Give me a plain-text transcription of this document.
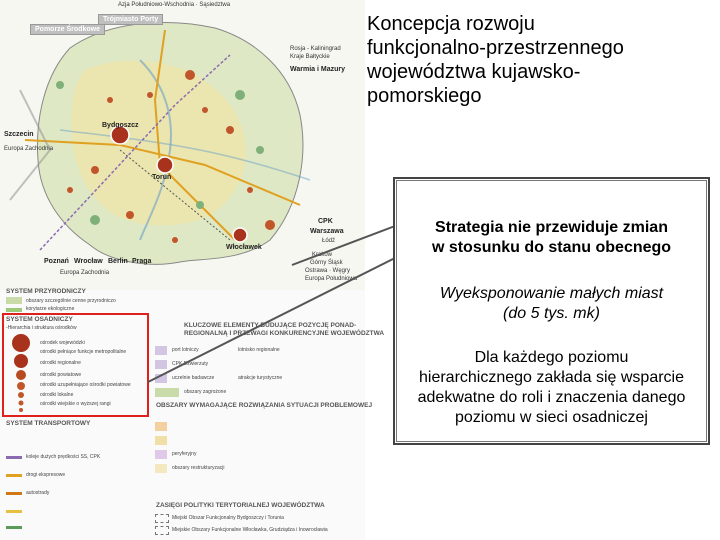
Azja Południowo-Wschodnia · Sąsiedztwa
Trójmiasto Porty
Pomorze Środkowe
Rosja - Kaliningrad
Kraje Bałtyckie
Warmia i Mazury
Szczecin
Europa Zachodnia
CPK
Warszawa
Łódź
Kraków
Górny Śląsk
Ostrawa · Węgry
Europa Południowa
Poznań Wrocław Berlin Praga
Europa Zachodnia
Bydgoszcz
Toruń
Włocławek
SYSTEM PRZYRODNICZY
obszary szczególnie cenne przyrodniczo
korytarze ekologiczne
SYSTEM OSADNICZY
-Hierarchia i struktura ośrodków
ośrodek wojewódzki
ośrodki pełniące funkcje metropolitalne
ośrodki regionalne
ośrodki powiatowe
ośrodki uzupełniające ośrodki powiatowe
ośrodki lokalne
ośrodki wiejskie o wyższej rangi
SYSTEM TRANSPORTOWY
koleje dużych prędkości SS, CPK
drogi ekspresowe
autostrady
KLUCZOWE ELEMENTY BUDUJĄCE POZYCJĘ PONAD-
REGIONALNĄ I PRZEWAGI KONKURENCYJNE WOJEWÓDZTWA
port lotniczy
CPK Dźwierzuty
uczelnie badawcze
obszary zagrożone
lotnisko regionalne
atrakcje turystyczne
OBSZARY WYMAGAJĄCE ROZWIĄZANIA SYTUACJI PROBLEMOWEJ
peryferyjny
obszary restrukturyzacji
ZASIĘGI POLITYKI TERYTORIALNEJ WOJEWÓDZTWA
Miejski Obszar Funkcjonalny Bydgoszczy i Torunia
Miejskie Obszary Funkcjonalne Włocławka, Grudziądza i Inowrocławia
Koncepcja rozwoju
funkcjonalno-przestrzennego
województwa kujawsko-
pomorskiego
Strategia nie przewiduje zmian
w stosunku do stanu obecnego
Wyeksponowanie małych miast
(do 5 tys. mk)
Dla każdego poziomu
hierarchicznego zakłada się wsparcie
adekwatne do roli i znaczenia danego
poziomu w sieci osadniczej
